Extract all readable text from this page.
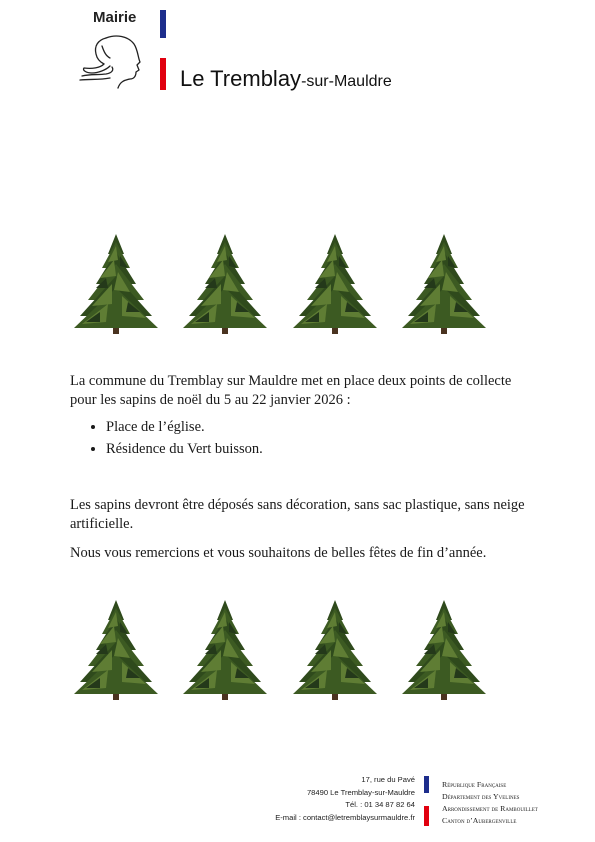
Mairie
Le Tremblay-sur-Mauldre

La commune du Tremblay sur Mauldre met en place deux points de collecte pour les sapins de noël du 5 au 22 janvier 2026 :

• Place de l’église.
• Résidence du Vert buisson.

Les sapins devront être déposés sans décoration, sans sac plastique, sans neige artificielle.

Nous vous remercions et vous souhaitons de belles fêtes de fin d’année.

17, rue du Pavé
78490 Le Tremblay-sur-Mauldre
Tél. : 01 34 87 82 64
E-mail : contact@letremblaysurmauldre.fr
République Française
Département des Yvelines
Arrondissement de Rambouillet
Canton d’Aubergenville
